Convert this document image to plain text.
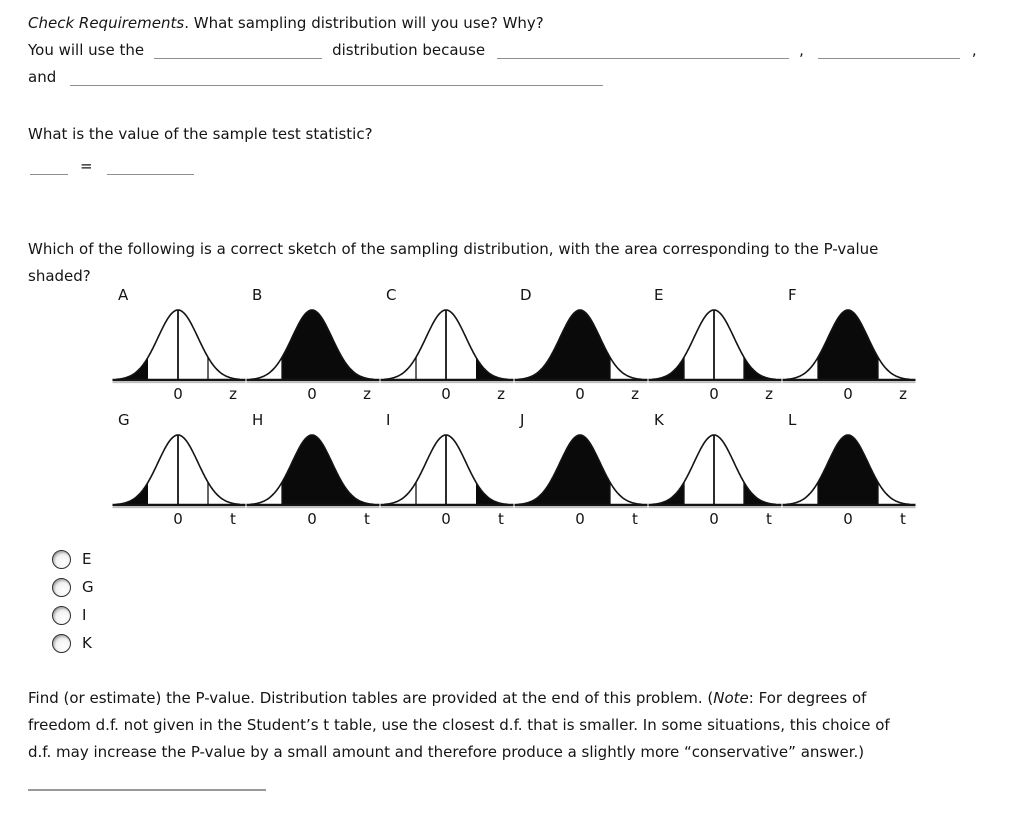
Check Requirements. What sampling distribution will you use? Why?
You will use the	distribution because	,	,
and
What is the value of the sample test statistic?
=
Which of the following is a correct sketch of the sampling distribution, with the area corresponding to the P-value
shaded?
A
0	z
B
0	z
C
0	z
D
0	z
E
0	z
F
0	z
G
0	t
H
0	t
I
0	t
J
0	t
K
0	t
L
0	t
E
G
I
K
Find (or estimate) the P-value. Distribution tables are provided at the end of this problem. (Note: For degrees of
freedom d.f. not given in the Student’s t table, use the closest d.f. that is smaller. In some situations, this choice of
d.f. may increase the P-value by a small amount and therefore produce a slightly more “conservative” answer.)
